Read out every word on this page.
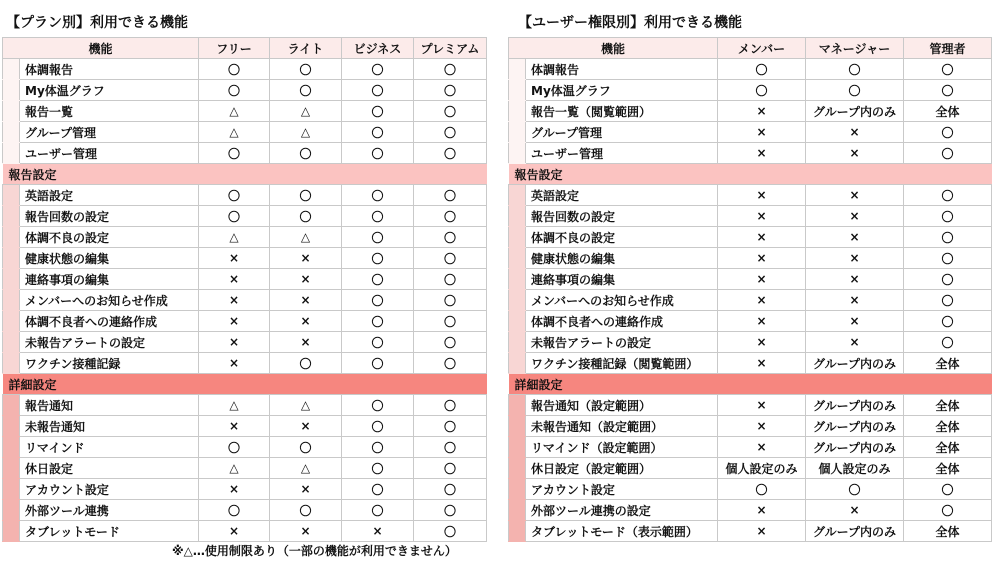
【プラン別】利用できる機能
機能		フリー	ライト	ビジネス	プレミアム
	体調報告	〇	〇	〇	〇
	My体温グラフ	〇	〇	〇	〇
	報告一覧	△	△	〇	〇
	グループ管理	△	△	〇	〇
	ユーザー管理	〇	〇	〇	〇
報告設定					
	英語設定	〇	〇	〇	〇
	報告回数の設定	〇	〇	〇	〇
	体調不良の設定	△	△	〇	〇
	健康状態の編集	×	×	〇	〇
	連絡事項の編集	×	×	〇	〇
	メンバーへのお知らせ作成	×	×	〇	〇
	体調不良者への連絡作成	×	×	〇	〇
	未報告アラートの設定	×	×	〇	〇
	ワクチン接種記録	×	〇	〇	〇
詳細設定					
	報告通知	△	△	〇	〇
	未報告通知	×	×	〇	〇
	リマインド	〇	〇	〇	〇
	休日設定	△	△	〇	〇
	アカウント設定	×	×	〇	〇
	外部ツール連携	〇	〇	〇	〇
	タブレットモード	×	×	×	〇
【ユーザー権限別】利用できる機能
機能		メンバー	マネージャー	管理者
	体調報告	〇	〇	〇
	My体温グラフ	〇	〇	〇
	報告一覧（閲覧範囲）	×	グループ内のみ	全体
	グループ管理	×	×	〇
	ユーザー管理	×	×	〇
報告設定				
	英語設定	×	×	〇
	報告回数の設定	×	×	〇
	体調不良の設定	×	×	〇
	健康状態の編集	×	×	〇
	連絡事項の編集	×	×	〇
	メンバーへのお知らせ作成	×	×	〇
	体調不良者への連絡作成	×	×	〇
	未報告アラートの設定	×	×	〇
	ワクチン接種記録（閲覧範囲）	×	グループ内のみ	全体
詳細設定				
	報告通知（設定範囲）	×	グループ内のみ	全体
	未報告通知（設定範囲）	×	グループ内のみ	全体
	リマインド（設定範囲）	×	グループ内のみ	全体
	休日設定（設定範囲）	個人設定のみ	個人設定のみ	全体
	アカウント設定	〇	〇	〇
	外部ツール連携の設定	×	×	〇
	タブレットモード（表示範囲）	×	グループ内のみ	全体
※△…使用制限あり（一部の機能が利用できません）
